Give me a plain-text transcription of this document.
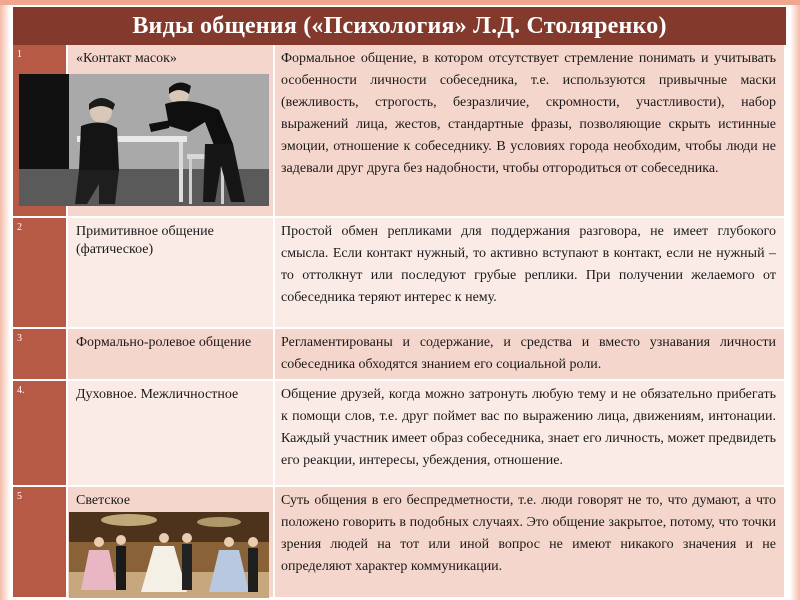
Виды общения («Психология» Л.Д. Столяренко)
1	«Контакт масок»	Формальное общение, в котором отсутствует стремление понимать и учитывать особенности личности собеседника, т.е. используются привычные маски (вежливость, строгость, безразличие, скромности, участливости), набор выражений лица, жестов, стандартные фразы, позволяющие скрыть истинные эмоции, отношение к собеседнику. В условиях города необходим, чтобы люди не задевали друг друга без надобности, чтобы отгородиться от собеседника.
2	Примитивное общение (фатическое)	Простой обмен репликами для поддержания разговора, не имеет глубокого смысла. Если контакт нужный, то активно вступают в контакт, если не нужный – то оттолкнут или последуют грубые реплики. При получении желаемого от собеседника теряют интерес к нему.
3	Формально-ролевое общение	Регламентированы и содержание, и средства и вместо узнавания личности собеседника обходятся знанием его социальной роли.
4.	Духовное. Межличностное	Общение друзей, когда можно затронуть любую тему и не обязательно прибегать к помощи слов, т.е. друг поймет вас по выражению лица, движениям, интонации. Каждый участник имеет образ собеседника, знает его личность, может предвидеть его реакции, интересы, убеждения, отношение.
5	Светское	Суть общения в его беспредметности, т.е. люди говорят не то, что думают, а что положено говорить в подобных случаях. Это общение закрытое, потому, что точки зрения людей на тот или иной вопрос не имеют никакого значения и не определяют характер коммуникации.
